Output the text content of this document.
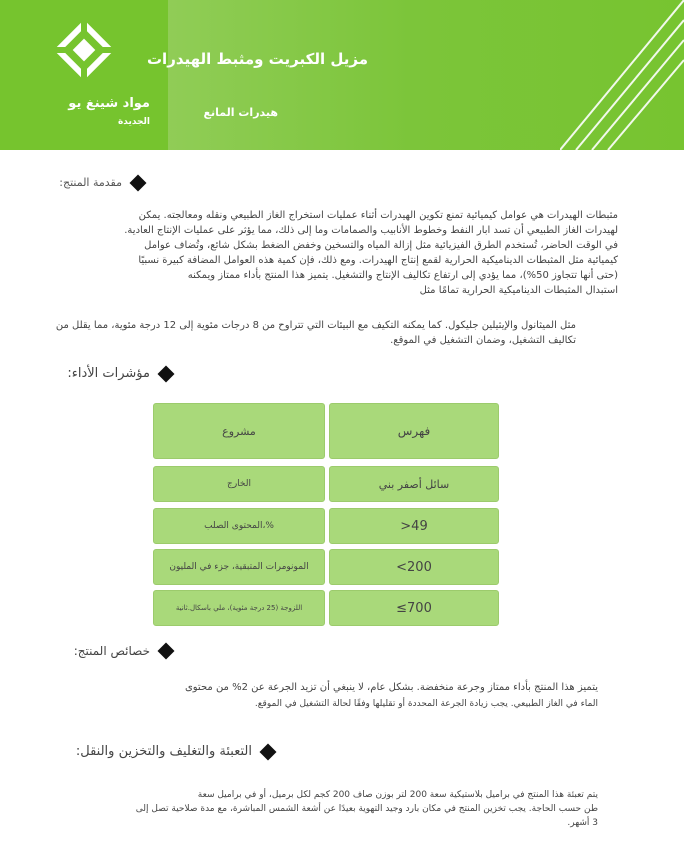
مواد شينغ يو
الجديدة
مزيل الكبريت ومثبط الهيدرات
هيدرات المانع
مقدمة المنتج:
مثبطات الهيدرات هي عوامل كيميائية تمنع تكوين الهيدرات أثناء عمليات استخراج الغاز الطبيعي ونقله ومعالجته. يمكن
لهيدرات الغاز الطبيعي أن تسد ابار النفط وخطوط الأنابيب والصمامات وما إلى ذلك، مما يؤثر على عمليات الإنتاج العادية.
في الوقت الحاضر، تُستخدم الطرق الفيزيائية مثل إزالة المياه والتسخين وخفض الضغط بشكل شائع، وتُضاف عوامل
كيميائية مثل المثبطات الديناميكية الحرارية لقمع إنتاج الهيدرات. ومع ذلك، فإن كمية هذه العوامل المضافة كبيرة نسبيًا
(حتى أنها تتجاوز 50%)، مما يؤدي إلى ارتفاع تكاليف الإنتاج والتشغيل. يتميز هذا المنتج بأداء ممتاز ويمكنه
استبدال المثبطات الديناميكية الحرارية تمامًا مثل
مثل الميثانول والإيثيلين جليكول. كما يمكنه التكيف مع البيئات التي تتراوح من 8 درجات مئوية إلى 12 درجة مئوية، مما يقلل من
تكاليف التشغيل، وضمان التشغيل في الموقع.
مؤشرات الأداء:
مشروع	فهرس
الخارج	سائل أصفر بني
المحتوى الصلب،%	>49
المونومرات المتبقية، جزء في المليون	<200
اللزوجة (25 درجة مئوية)، ملي باسكال.ثانية	≤700
خصائص المنتج:
يتميز هذا المنتج بأداء ممتاز وجرعة منخفضة. بشكل عام، لا ينبغي أن تزيد الجرعة عن 2% من محتوى
الماء في الغاز الطبيعي. يجب زيادة الجرعة المحددة أو تقليلها وفقًا لحالة التشغيل في الموقع.
التعبئة والتغليف والتخزين والنقل:
يتم تعبئة هذا المنتج في براميل بلاستيكية سعة 200 لتر بوزن صاف 200 كجم لكل برميل، أو في براميل سعة
طن حسب الحاجة. يجب تخزين المنتج في مكان بارد وجيد التهوية بعيدًا عن أشعة الشمس المباشرة، مع مدة صلاحية تصل إلى
3 أشهر.
